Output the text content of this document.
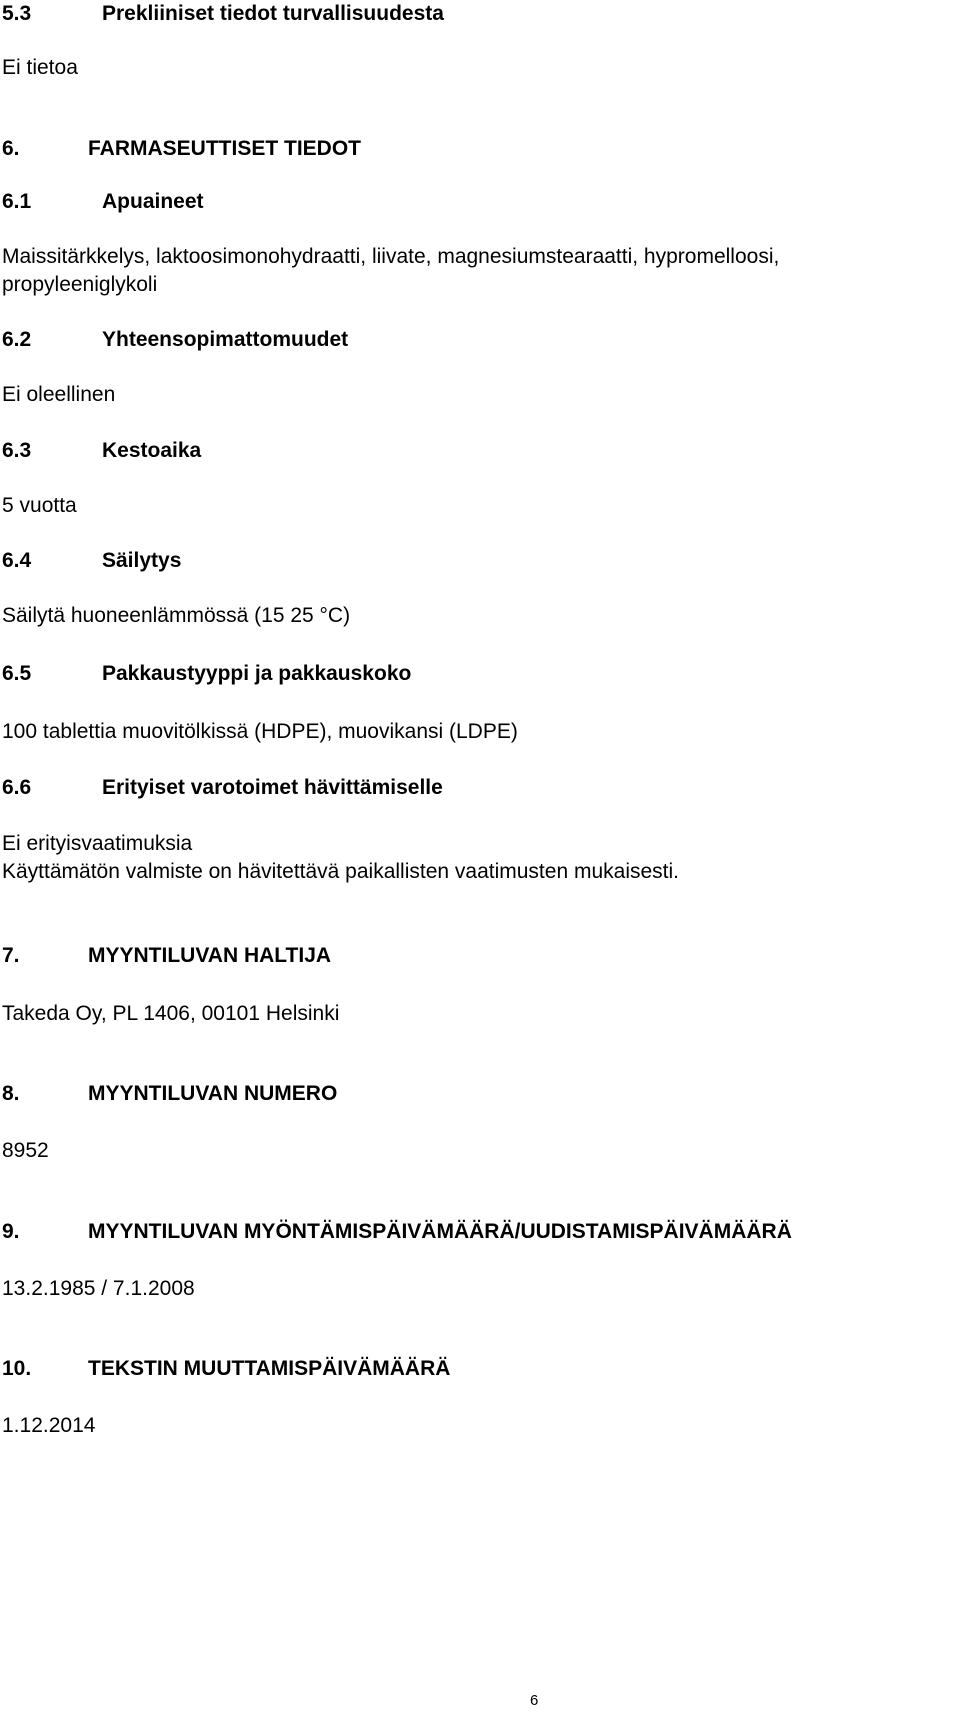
5.3	Prekliiniset tiedot turvallisuudesta
Ei tietoa
6.	FARMASEUTTISET TIEDOT
6.1	Apuaineet
Maissitärkkelys, laktoosimonohydraatti, liivate, magnesiumstearaatti, hypromelloosi,
propyleeniglykoli
6.2	Yhteensopimattomuudet
Ei oleellinen
6.3	Kestoaika
5 vuotta
6.4	Säilytys
Säilytä huoneenlämmössä (15 25 °C)
6.5	Pakkaustyyppi ja pakkauskoko
100 tablettia muovitölkissä (HDPE), muovikansi (LDPE)
6.6	Erityiset varotoimet hävittämiselle
Ei erityisvaatimuksia
Käyttämätön valmiste on hävitettävä paikallisten vaatimusten mukaisesti.
7.	MYYNTILUVAN HALTIJA
Takeda Oy, PL 1406, 00101 Helsinki
8.	MYYNTILUVAN NUMERO
8952
9.	MYYNTILUVAN MYÖNTÄMISPÄIVÄMÄÄRÄ/UUDISTAMISPÄIVÄMÄÄRÄ
13.2.1985 / 7.1.2008
10.	TEKSTIN MUUTTAMISPÄIVÄMÄÄRÄ
1.12.2014
6
